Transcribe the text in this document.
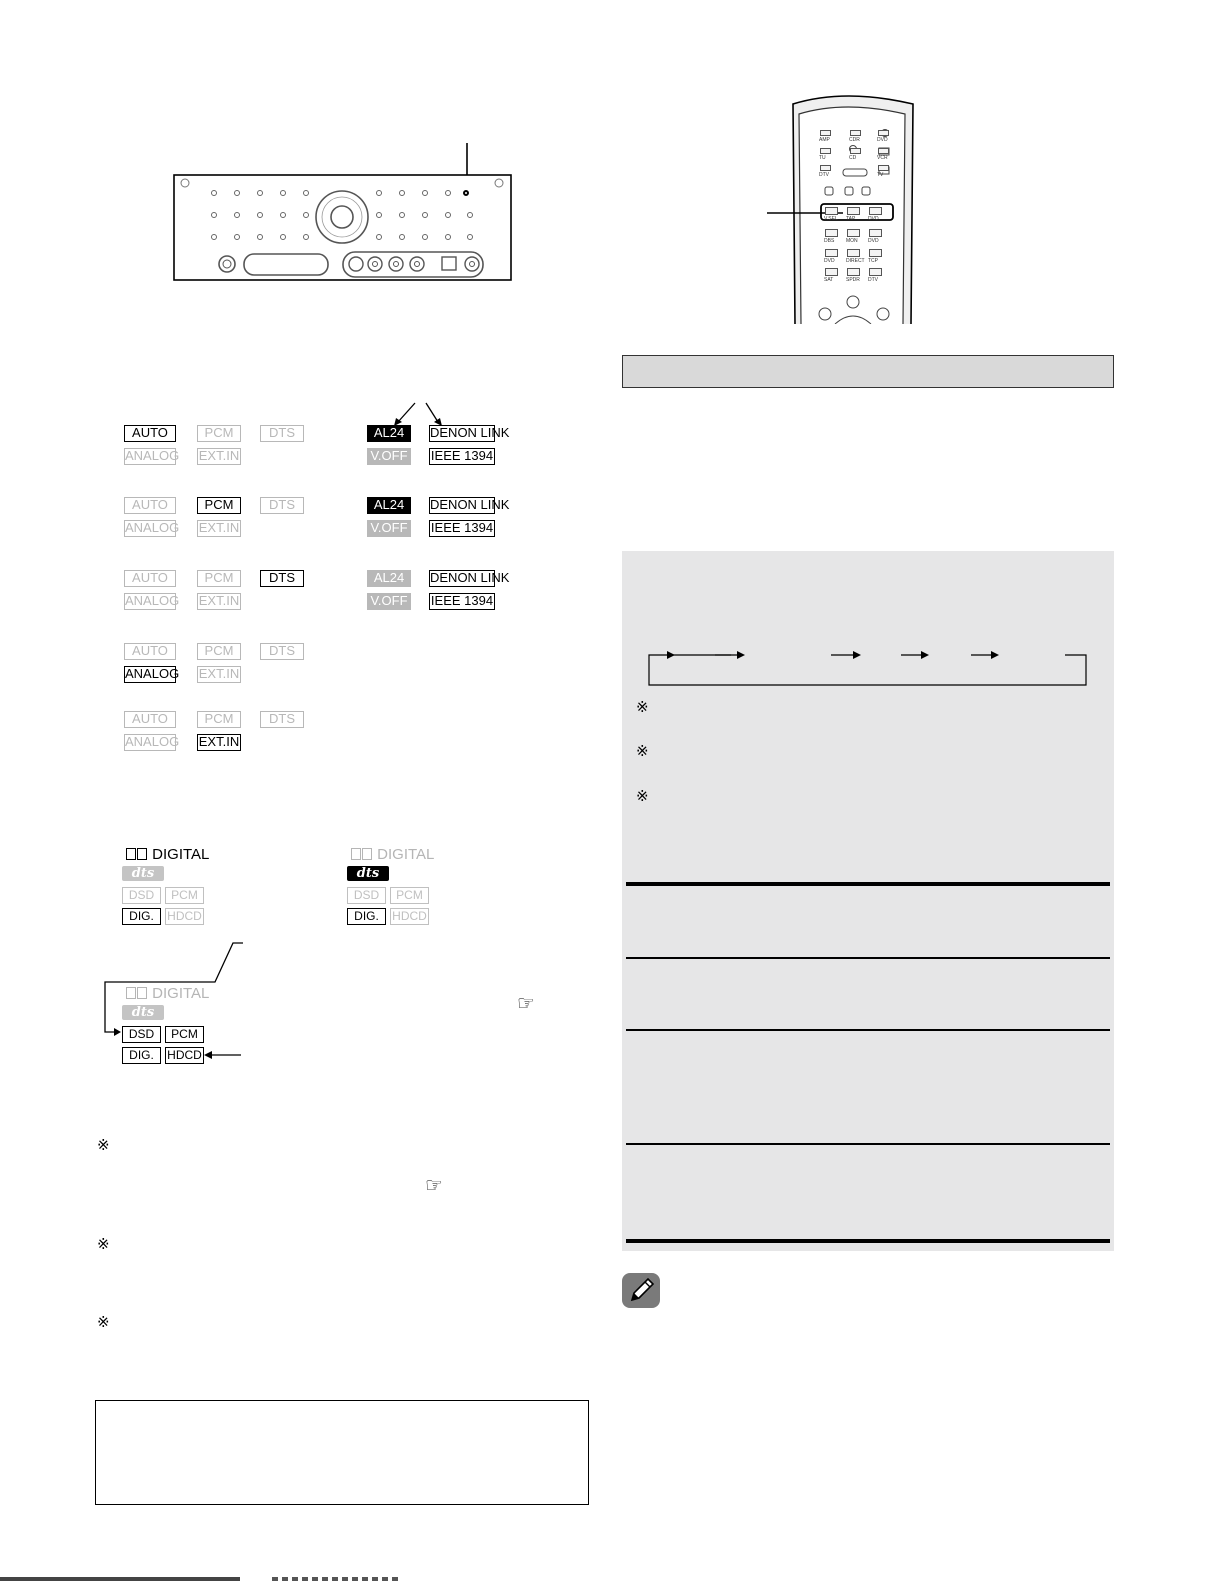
AMP	CDR	DVD
TU	CD	VCR
DTV	TV
V.SEL TAP	DVD
DBS MON DVD
DVD DIRECT TCP
SAT	SPDR DTV
AUTO	PCM	DTS
ANALOG EXT.IN
AL24	DENON LINK
V.OFF IEEE 1394
AUTO	PCM	DTS
ANALOG EXT.IN
AL24	DENON LINK
V.OFF IEEE 1394
AUTO	PCM	DTS
ANALOG EXT.IN
AL24	DENON LINK
V.OFF IEEE 1394
AUTO	PCM	DTS
ANALOG EXT.IN
AUTO	PCM	DTS
ANALOG EXT.IN
DIGITAL
dts
DSD	PCM
DIG.	HDCD
DIGITAL
dts
DSD	PCM
DIG.	HDCD
DIGITAL
dts
DSD	PCM
DIG.	HDCD
☞
☞
※
※
※
※
※
※
